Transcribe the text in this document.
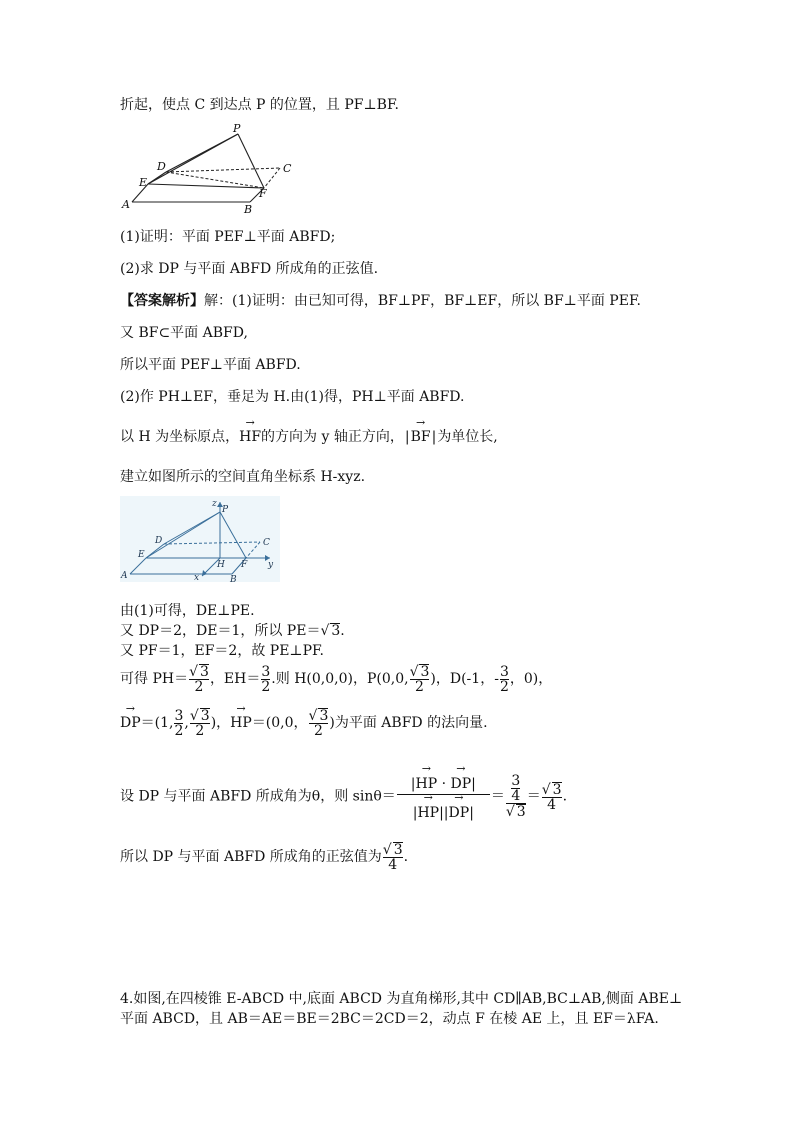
折起，使点 C 到达点 P 的位置，且 PF⊥BF.
P
D	C
E
F
A	B
(1)证明：平面 PEF⊥平面 ABFD;
(2)求 DP 与平面 ABFD 所成角的正弦值.
【答案解析】解：(1)证明：由已知可得，BF⊥PF，BF⊥EF，所以 BF⊥平面 PEF.
又 BF⊂平面 ABFD,
所以平面 PEF⊥平面 ABFD.
(2)作 PH⊥EF，垂足为 H.由(1)得，PH⊥平面 ABFD.
以 H 为坐标原点，→ HF的方向为 y 轴正方向，|→ BF|为单位长,
建立如图所示的空间直角坐标系 H-xyz.
z
P
D	C
E
H F y
A	x	B
由(1)可得，DE⊥PE.
又 DP＝2，DE＝1，所以 PE＝√ 3.
又 PF＝1，EF＝2，故 PE⊥PF.
可得 $PH= \frac{√ 3}{2}$ ，$EH= \frac{3}{2}$ .则 H(0,0,0)，P(0,0, $\frac{√ 3}{2}$ )，D(-1，- $\frac{3}{2}$ ，0)，
→ DP＝(1, $\frac{3}{2}$ , $\frac{√ 3}{2}$ )，→ HP＝(0,0， $\frac{√ 3}{2}$ )为平面 ABFD 的法向量.
设 DP 与平面 ABFD 所成角为θ，则 $\sin\theta= \frac{|\to HP \cdot \to DP|}{|\to HP||\to DP|} = \frac{\frac{3}{4}}{√ 3} = \frac{√ 3}{4}$ .
所以 DP 与平面 ABFD 所成角的正弦值为 $\frac{√ 3}{4}$ .
4.如图,在四棱锥 E-ABCD 中,底面 ABCD 为直角梯形,其中 CD∥AB,BC⊥AB,侧面 ABE⊥
平面 ABCD，且 AB＝AE＝BE＝2BC＝2CD＝2，动点 F 在棱 AE 上，且 EF＝λFA.
